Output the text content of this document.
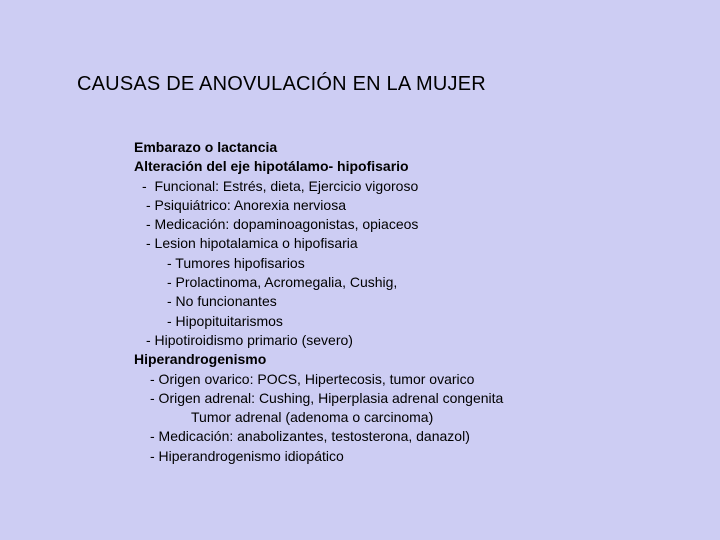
CAUSAS DE ANOVULACIÓN EN LA MUJER
Embarazo o lactancia
Alteración del eje hipotálamo- hipofisario
-  Funcional: Estrés, dieta, Ejercicio vigoroso
- Psiquiátrico: Anorexia nerviosa
- Medicación: dopaminoagonistas, opiaceos
- Lesion hipotalamica o hipofisaria
- Tumores hipofisarios
- Prolactinoma, Acromegalia, Cushig,
- No funcionantes
- Hipopituitarismos
- Hipotiroidismo primario (severo)
Hiperandrogenismo
- Origen ovarico: POCS, Hipertecosis, tumor ovarico
- Origen adrenal: Cushing, Hiperplasia adrenal congenita
Tumor adrenal (adenoma o carcinoma)
- Medicación: anabolizantes, testosterona, danazol)
- Hiperandrogenismo idiopático
